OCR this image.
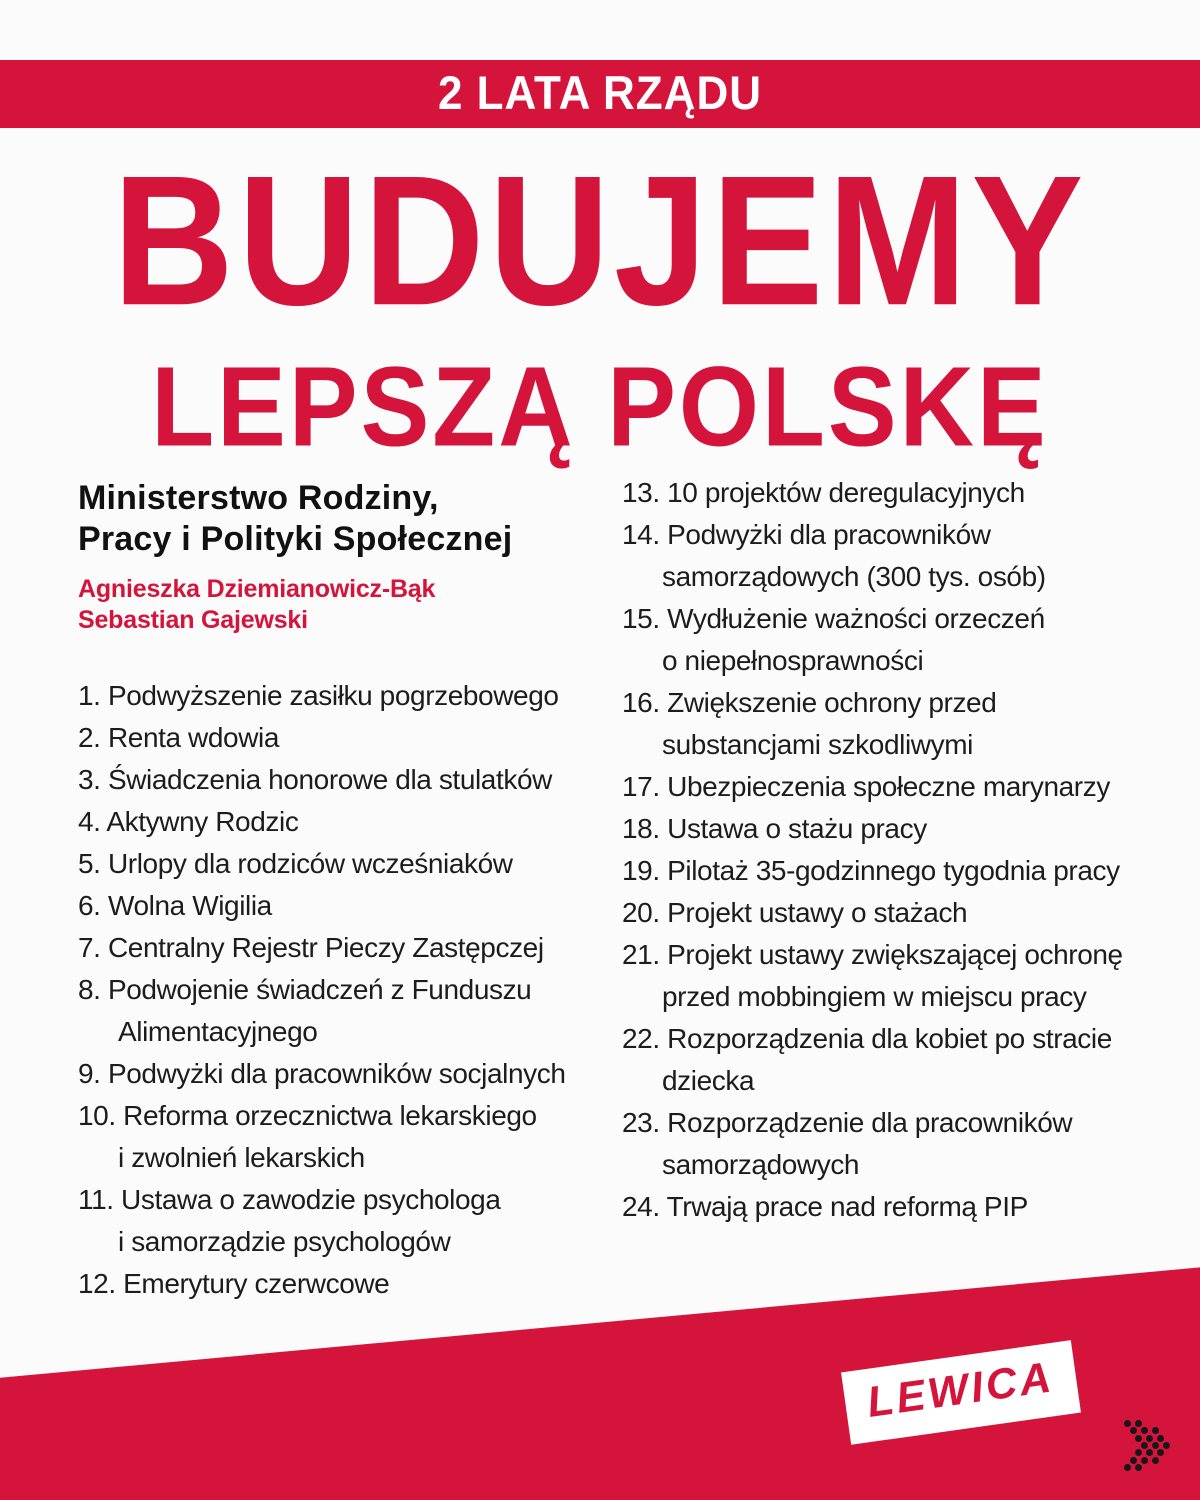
2 LATA RZĄDU
BUDUJEMY
LEPSZĄ POLSKĘ
Ministerstwo Rodziny,
Pracy i Polityki Społecznej

Agnieszka Dziemianowicz-Bąk
Sebastian Gajewski

1. Podwyższenie zasiłku pogrzebowego
2. Renta wdowia
3. Świadczenia honorowe dla stulatków
4. Aktywny Rodzic
5. Urlopy dla rodziców wcześniaków
6. Wolna Wigilia
7. Centralny Rejestr Pieczy Zastępczej
8. Podwojenie świadczeń z Funduszu
Alimentacyjnego
9. Podwyżki dla pracowników socjalnych
10. Reforma orzecznictwa lekarskiego
i zwolnień lekarskich
11. Ustawa o zawodzie psychologa
i samorządzie psychologów
12. Emerytury czerwcowe
13. 10 projektów deregulacyjnych
14. Podwyżki dla pracowników
samorządowych (300 tys. osób)
15. Wydłużenie ważności orzeczeń
o niepełnosprawności
16. Zwiększenie ochrony przed
substancjami szkodliwymi
17. Ubezpieczenia społeczne marynarzy
18. Ustawa o stażu pracy
19. Pilotaż 35-godzinnego tygodnia pracy
20. Projekt ustawy o stażach
21. Projekt ustawy zwiększającej ochronę
przed mobbingiem w miejscu pracy
22. Rozporządzenia dla kobiet po stracie
dziecka
23. Rozporządzenie dla pracowników
samorządowych
24. Trwają prace nad reformą PIP
LEWICA
